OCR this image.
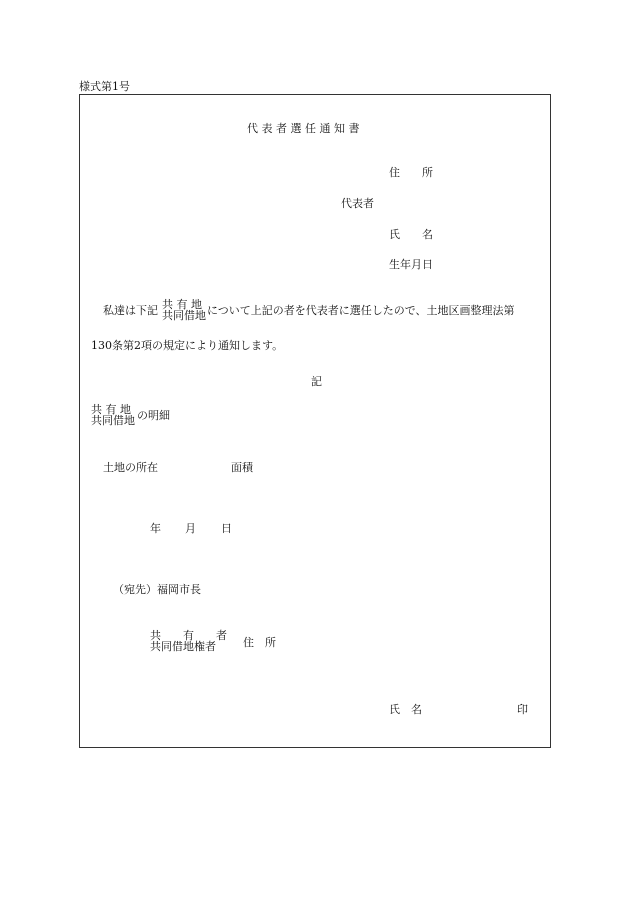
様式第1号
代 表 者 選 任 通 知 書
住　　所
代表者
氏　　名
生年月日
私達は下記 共 有 地
共同借地 について上記の者を代表者に選任したので、土地区画整理法第
130条第2項の規定により通知します。
記
共 有 地
共同借地 の明細
土地の所在	面積
年 月 日
（宛先）福岡市長
共　　有　　者
共同借地権者	住　所
氏　名	印
